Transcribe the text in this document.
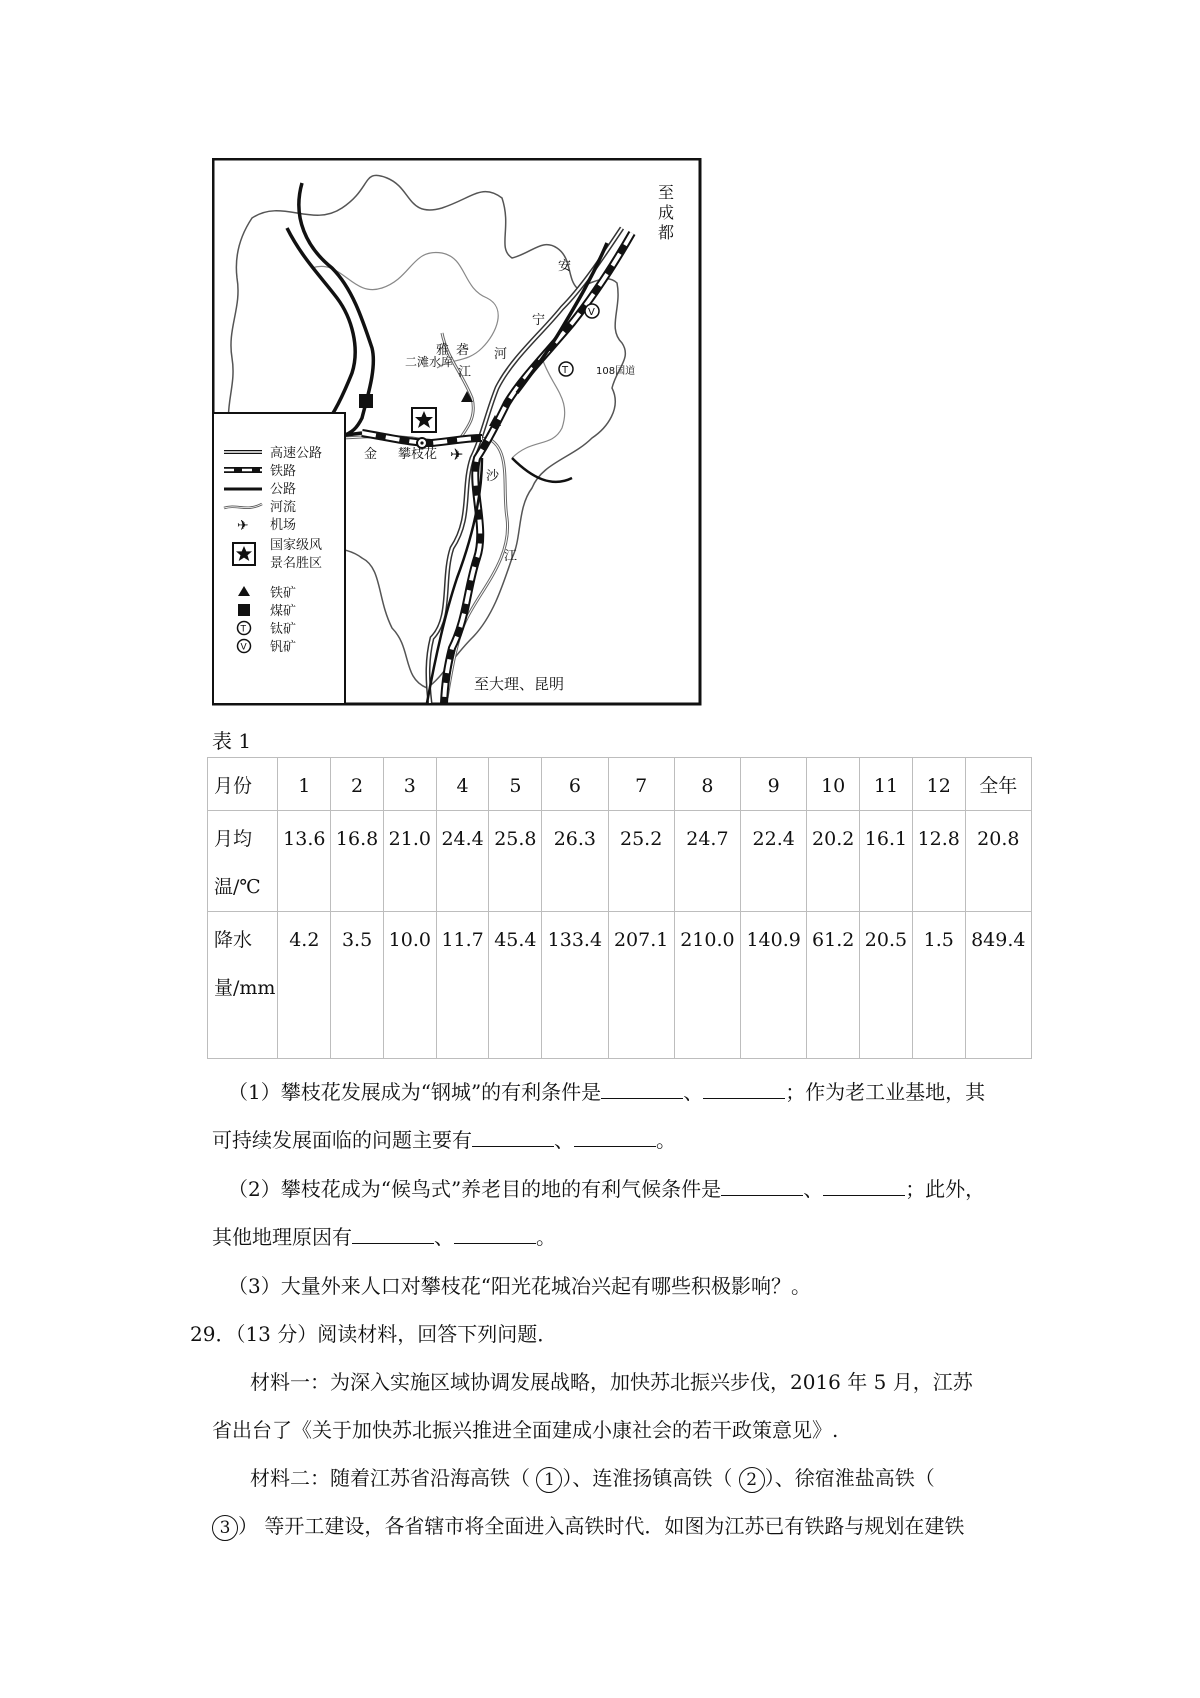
✈
T
V
至
成
都
至大理、昆明
二滩水库
攀枝花
108国道
雅 砻
江
河
安
宁
金
沙
江
✈
T
V
高速公路
铁路
公路
河流
机场
国家级风
景名胜区
铁矿
煤矿
钛矿
钒矿
表 1
月份	1	2	3	4	5	6	7	8	9	10	11	12	全年
月均温/℃	13.6	16.8	21.0	24.4	25.8	26.3	25.2	24.7	22.4	20.2	16.1	12.8	20.8
降水量/mm	4.2	3.5	10.0	11.7	45.4	133.4	207.1	210.0	140.9	61.2	20.5	1.5	849.4
（1）攀枝花发展成为“钢城”的有利条件是	、	；作为老工业基地，其
可持续发展面临的问题主要有	、	。
（2）攀枝花成为“候鸟式”养老目的地的有利气候条件是	、	；此外，
其他地理原因有	、	。
（3）大量外来人口对攀枝花“阳光花城冶兴起有哪些积极影响？。
29．（13 分）阅读材料，回答下列问题．
材料一：为深入实施区域协调发展战略，加快苏北振兴步伐，2016 年 5 月，江苏
省出台了《关于加快苏北振兴推进全面建成小康社会的若干政策意见》.
材料二：随着江苏省沿海高铁（ 1 ）、连淮扬镇高铁（ 2 ）、徐宿淮盐高铁（
3 ） 等开工建设，各省辖市将全面进入高铁时代．如图为江苏已有铁路与规划在建铁
